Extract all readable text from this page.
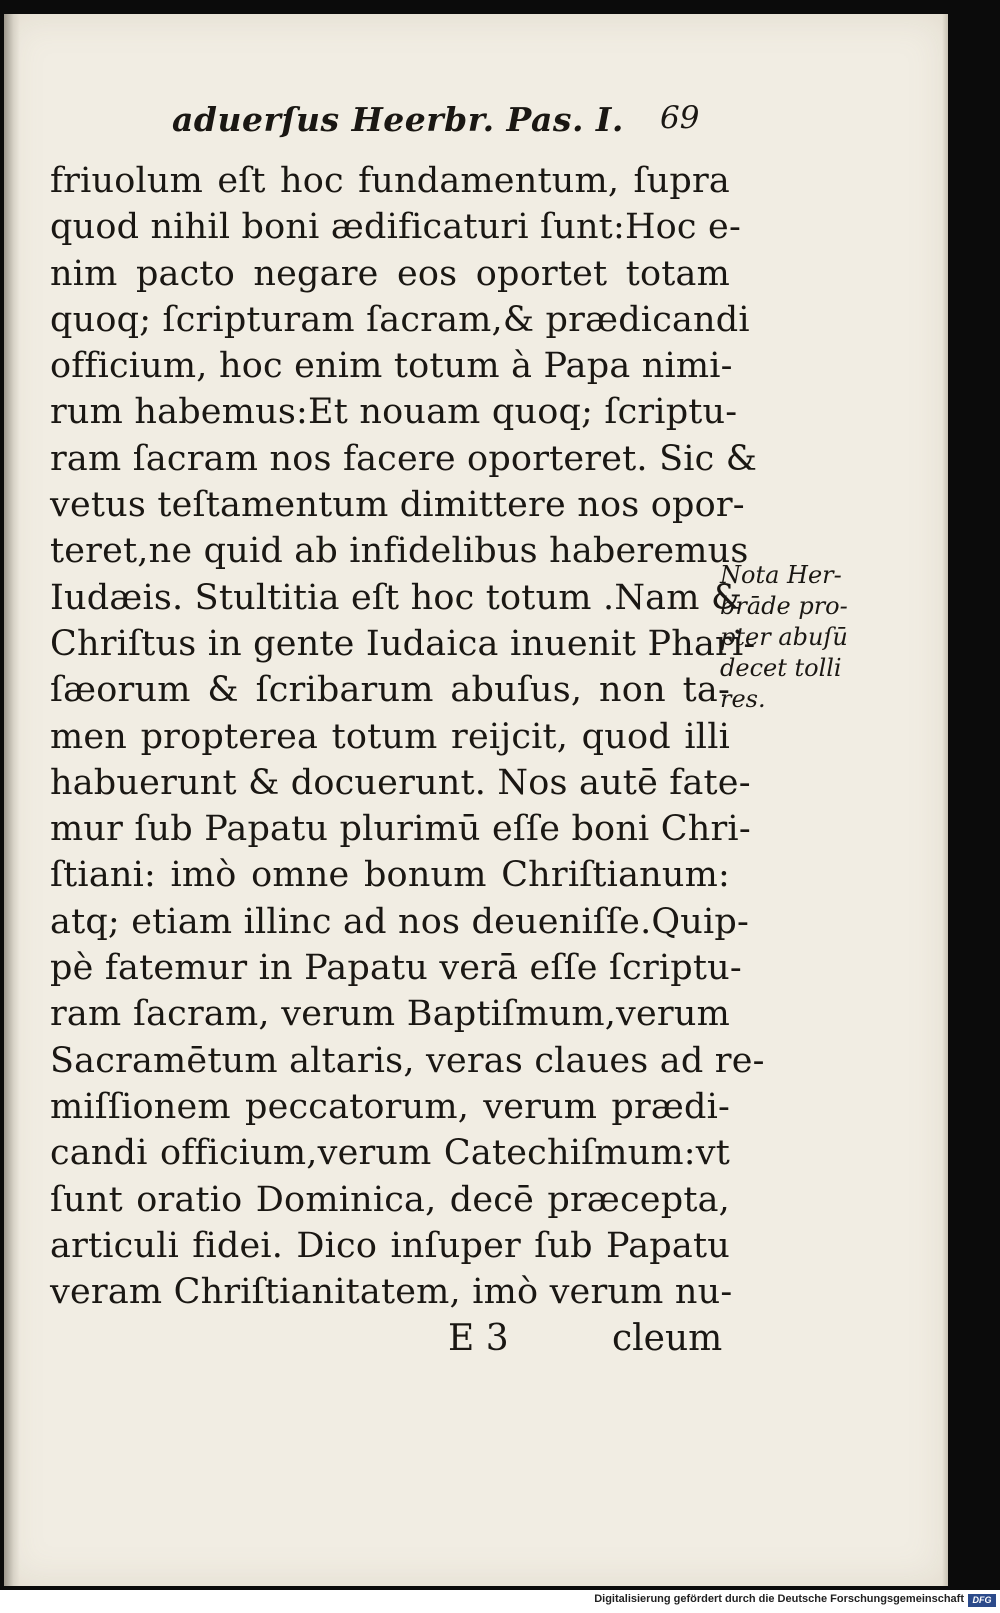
aduerſus Heerbr. Pas. I. 69
friuolum eſt hoc fundamentum, ſupra
quod nihil boni ædificaturi ſunt:Hoc e-
nim pacto negare eos oportet totam
quoq; ſcripturam ſacram,& prædicandi
officium, hoc enim totum à Papa nimi-
rum habemus:Et nouam quoq; ſcriptu-
ram ſacram nos facere oporteret. Sic &
vetus teſtamentum dimittere nos opor-
teret,ne quid ab infidelibus haberemus
Iudæis. Stultitia eſt hoc totum .Nam &
Chriſtus in gente Iudaica inuenit Phari-
ſæorum & ſcribarum abuſus, non ta-
men propterea totum reijcit, quod illi
habuerunt & docuerunt. Nos autē fate-
mur ſub Papatu plurimū eſſe boni Chri-
ſtiani: imò omne bonum Chriſtianum:
atq; etiam illinc ad nos deueniſſe.Quip-
pè fatemur in Papatu verā eſſe ſcriptu-
ram ſacram, verum Baptiſmum,verum
Sacramētum altaris, veras claues ad re-
miſſionem peccatorum, verum prædi-
candi officium,verum Catechiſmum:vt
ſunt oratio Dominica, decē præcepta,
articuli fidei. Dico inſuper ſub Papatu
veram Chriſtianitatem, imò verum nu-
Nota Her-
brāde pro-
pter abuſū
decet tolli
res.
E 3	cleum
Digitalisierung gefördert durch die Deutsche Forschungsgemeinschaft DFG
